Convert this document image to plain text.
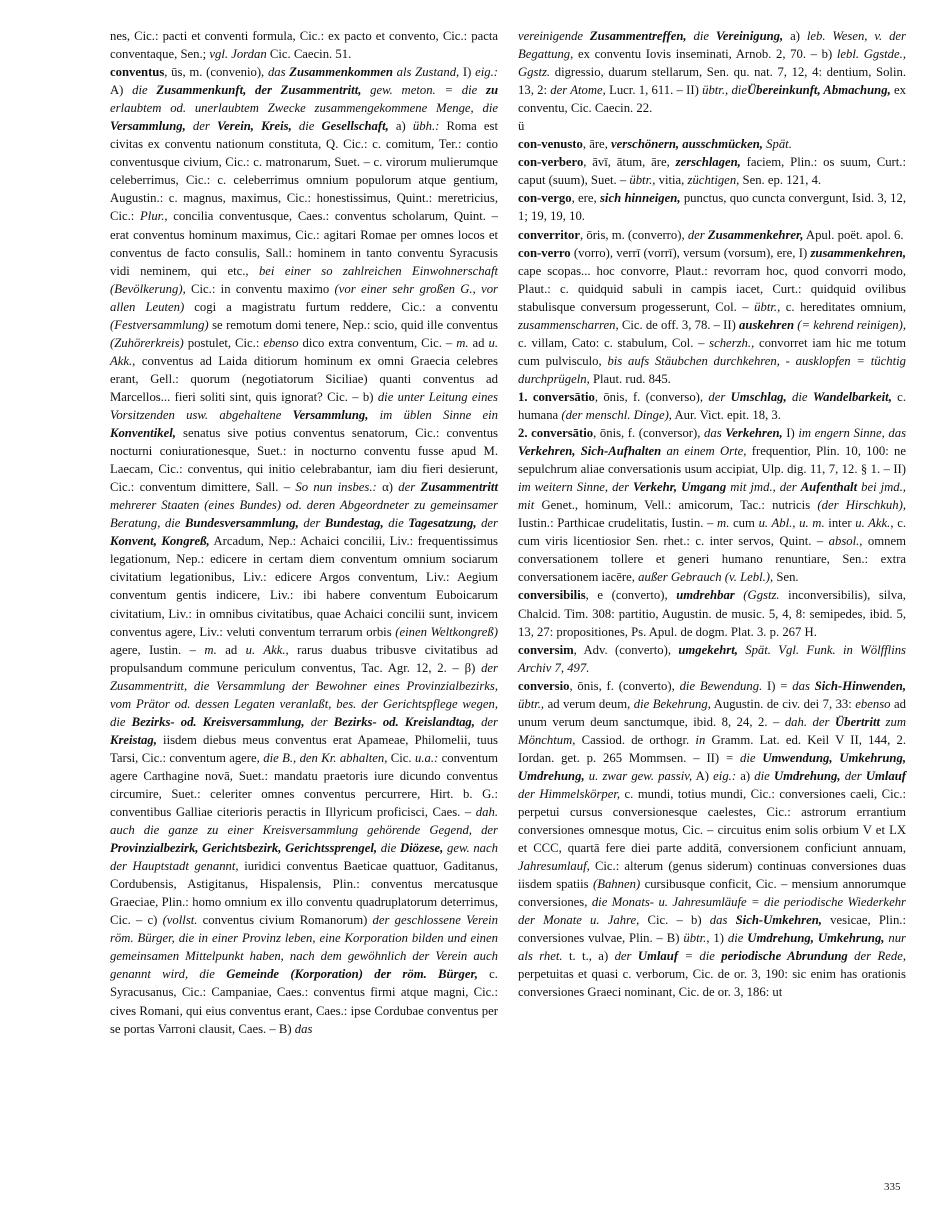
nes, Cic.: pacti et conventi formula, Cic.: ex pacto et convento, Cic.: pacta conventaque, Sen.; vgl. Jordan Cic. Caecin. 51.

conventus, ūs, m. (convenio), das Zusammenkommen als Zustand, I) eig.: A) die Zusammenkunft, der Zusammentritt, gew. meton. = die zu erlaubtem od. unerlaubtem Zwecke zusammengekommene Menge, die Versammlung, der Verein, Kreis, die Gesellschaft, a) übh.: Roma est civitas ex conventu nationum constituta, Q. Cic.: c. comitum, Ter.: contio conventusque civium, Cic.: c. matronarum, Suet. – c. virorum mulierumque celeberrimus, Cic.: c. celeberrimus omnium populorum atque gentium, Augustin.: c. magnus, maximus, Cic.: honestissimus, Quint.: meretricius, Cic.: Plur., concilia conventusque, Caes.: conventus scholarum, Quint. – erat conventus hominum maximus, Cic.: agitari Romae per omnes locos et conventus de facto consulis, Sall.: hominem in tanto conventu Syracusis vidi neminem, qui etc., bei einer so zahlreichen Einwohnerschaft (Bevölkerung), Cic.: in conventu maximo (vor einer sehr großen G., vor allen Leuten) cogi a magistratu furtum reddere, Cic.: a conventu (Festversammlung) se remotum domi tenere, Nep.: scio, quid ille conventus (Zuhörerkreis) postulet, Cic.: ebenso dico extra conventum, Cic. – m. ad u. Akk., conventus ad Laida ditiorum hominum ex omni Graecia celebres erant, Gell.: quorum (negotiatorum Siciliae) quanti conventus ad Marcellos... fieri soliti sint, quis ignorat? Cic. – b) die unter Leitung eines Vorsitzenden usw. abgehaltene Versammlung, im üblen Sinne ein Konventikel, senatus sive potius conventus senatorum, Cic.: conventus nocturni coniurationesque, Suet.: in nocturno conventu fusse apud M. Laecam, Cic.: conventus, qui initio celebrabantur, iam diu fieri desierunt, Cic.: conventum dimittere, Sall. – So nun insbes.: α) der Zusammentritt mehrerer Staaten (eines Bundes) od. deren Abgeordneter zu gemeinsamer Beratung, die Bundesversammlung, der Bundestag, die Tagesatzung, der Konvent, Kongreß, Arcadum, Nep.: Achaici concilii, Liv.: frequentissimus legationum, Nep.: edicere in certam diem conventum omnium sociarum civitatium legationibus, Liv.: edicere Argos conventum, Liv.: Aegium conventum gentis indicere, Liv.: ibi habere conventum Euboicarum civitatium, Liv.: in omnibus civitatibus, quae Achaici concilii sunt, invicem conventus agere, Liv.: veluti conventum terrarum orbis (einen Weltkongreß) agere, Iustin. – m. ad u. Akk., rarus duabus tribusve civitatibus ad propulsandum commune periculum conventus, Tac. Agr. 12, 2. – β) der Zusammentritt, die Versammlung der Bewohner eines Provinzialbezirks, vom Prätor od. dessen Legaten veranlaßt, bes. der Gerichtspflege wegen, die Bezirks- od. Kreisversammlung, der Bezirks- od. Kreislandtag, der Kreistag, iisdem diebus meus conventus erat Apameae, Philomelii, tuus Tarsi, Cic.: conventum agere, die B., den Kr. abhalten, Cic. u.a.: conventum agere Carthagine novā, Suet.: mandatu praetoris iure dicundo conventus circumire, Suet.: celeriter omnes conventus percurrere, Hirt. b. G.: conventibus Galliae citerioris peractis in Illyricum proficisci, Caes. – dah. auch die ganze zu einer Kreisversammlung gehörende Gegend, der Provinzialbezirk, Gerichtsbezirk, Gerichtssprengel, die Diözese, gew. nach der Hauptstadt genannt, iuridici conventus Baeticae quattuor, Gaditanus, Cordubensis, Astigitanus, Hispalensis, Plin.: conventus mercatusque Graeciae, Plin.: homo omnium ex illo conventu quadruplatorum deterrimus, Cic. – c) (vollst. conventus civium Romanorum) der geschlossene Verein röm. Bürger, die in einer Provinz leben, eine Korporation bilden und einen gemeinsamen Mittelpunkt haben, nach dem gewöhnlich der Verein auch genannt wird, die Gemeinde (Korporation) der röm. Bürger, c. Syracusanus, Cic.: Campaniae, Caes.: conventus firmi atque magni, Cic.: cives Romani, qui eius conventus erant, Caes.: ipse Cordubae conventus per se portas Varroni clausit, Caes. – B) das

vereinigende Zusammentreffen, die Vereinigung, a) leb. Wesen, v. der Begattung, ex conventu Iovis inseminati, Arnob. 2, 70. – b) lebl. Ggstde., Ggstz. digressio, duarum stellarum, Sen. qu. nat. 7, 12, 4: dentium, Solin. 13, 2: der Atome, Lucr. 1, 611. – II) übtr., dieÜbereinkunft, Abmachung, ex conventu, Cic. Caecin. 22.

ü

con-venusto, āre, verschönern, ausschmücken, Spät.

con-verbero, āvī, ātum, āre, zerschlagen, faciem, Plin.: os suum, Curt.: caput (suum), Suet. – übtr., vitia, züchtigen, Sen. ep. 121, 4.

con-vergo, ere, sich hinneigen, punctus, quo cuncta convergunt, Isid. 3, 12, 1; 19, 19, 10.

converritor, ōris, m. (converro), der Zusammenkehrer, Apul. poët. apol. 6.

con-verro (vorro), verrī (vorrī), versum (vorsum), ere, I) zusammenkehren, cape scopas... hoc convorre, Plaut.: revorram hoc, quod convorri modo, Plaut.: c. quidquid sabuli in campis iacet, Curt.: quidquid ovilibus stabulisque conversum progesserunt, Col. – übtr., c. hereditates omnium, zusammenscharren, Cic. de off. 3, 78. – II) auskehren (= kehrend reinigen), c. villam, Cato: c. stabulum, Col. – scherzh., convorret iam hic me totum cum pulvisculo, bis aufs Stäubchen durchkehren, - ausklopfen = tüchtig durchprügeln, Plaut. rud. 845.

1. conversātio, ōnis, f. (converso), der Umschlag, die Wandelbarkeit, c. humana (der menschl. Dinge), Aur. Vict. epit. 18, 3.

2. conversātio, ōnis, f. (conversor), das Verkehren, I) im engern Sinne, das Verkehren, Sich-Aufhalten an einem Orte, frequentior, Plin. 10, 100: ne sepulchrum aliae conversationis usum accipiat, Ulp. dig. 11, 7, 12. § 1. – II) im weitern Sinne, der Verkehr, Umgang mit jmd., der Aufenthalt bei jmd., mit Genet., hominum, Vell.: amicorum, Tac.: nutricis (der Hirschkuh), Iustin.: Parthicae crudelitatis, Iustin. – m. cum u. Abl., u. m. inter u. Akk., c. cum viris licentiosior Sen. rhet.: c. inter servos, Quint. – absol., omnem conversationem tollere et generi humano renuntiare, Sen.: extra conversationem iacēre, außer Gebrauch (v. Lebl.), Sen.

conversibilis, e (converto), umdrehbar (Ggstz. inconversibilis), silva, Chalcid. Tim. 308: partitio, Augustin. de music. 5, 4, 8: semipedes, ibid. 5, 13, 27: propositiones, Ps. Apul. de dogm. Plat. 3. p. 267 H.

conversim, Adv. (converto), umgekehrt, Spät. Vgl. Funk. in Wölfflins Archiv 7, 497.

conversio, ōnis, f. (converto), die Bewendung. I) = das Sich-Hinwenden, übtr., ad verum deum, die Bekehrung, Augustin. de civ. dei 7, 33: ebenso ad unum verum deum sanctumque, ibid. 8, 24, 2. – dah. der Übertritt zum Mönchtum, Cassiod. de orthogr. in Gramm. Lat. ed. Keil V II, 144, 2. Iordan. get. p. 265 Mommsen. – II) = die Umwendung, Umkehrung, Umdrehung, u. zwar gew. passiv, A) eig.: a) die Umdrehung, der Umlauf der Himmelskörper, c. mundi, totius mundi, Cic.: conversiones caeli, Cic.: perpetui cursus conversionesque caelestes, Cic.: astrorum errantium conversiones omnesque motus, Cic. – circuitus enim solis orbium V et LX et CCC, quartā fere diei parte additā, conversionem conficiunt annuam, Jahresumlauf, Cic.: alterum (genus siderum) continuas conversiones duas iisdem spatiis (Bahnen) cursibusque conficit, Cic. – mensium annorumque conversiones, die Monats- u. Jahresumläufe = die periodische Wiederkehr der Monate u. Jahre, Cic. – b) das Sich-Umkehren, vesicae, Plin.: conversiones vulvae, Plin. – B) übtr., 1) die Umdrehung, Umkehrung, nur als rhet. t. t., a) der Umlauf = die periodische Abrundung der Rede, perpetuitas et quasi c. verborum, Cic. de or. 3, 190: sic enim has orationis conversiones Graeci nominant, Cic. de or. 3, 186: ut

335
